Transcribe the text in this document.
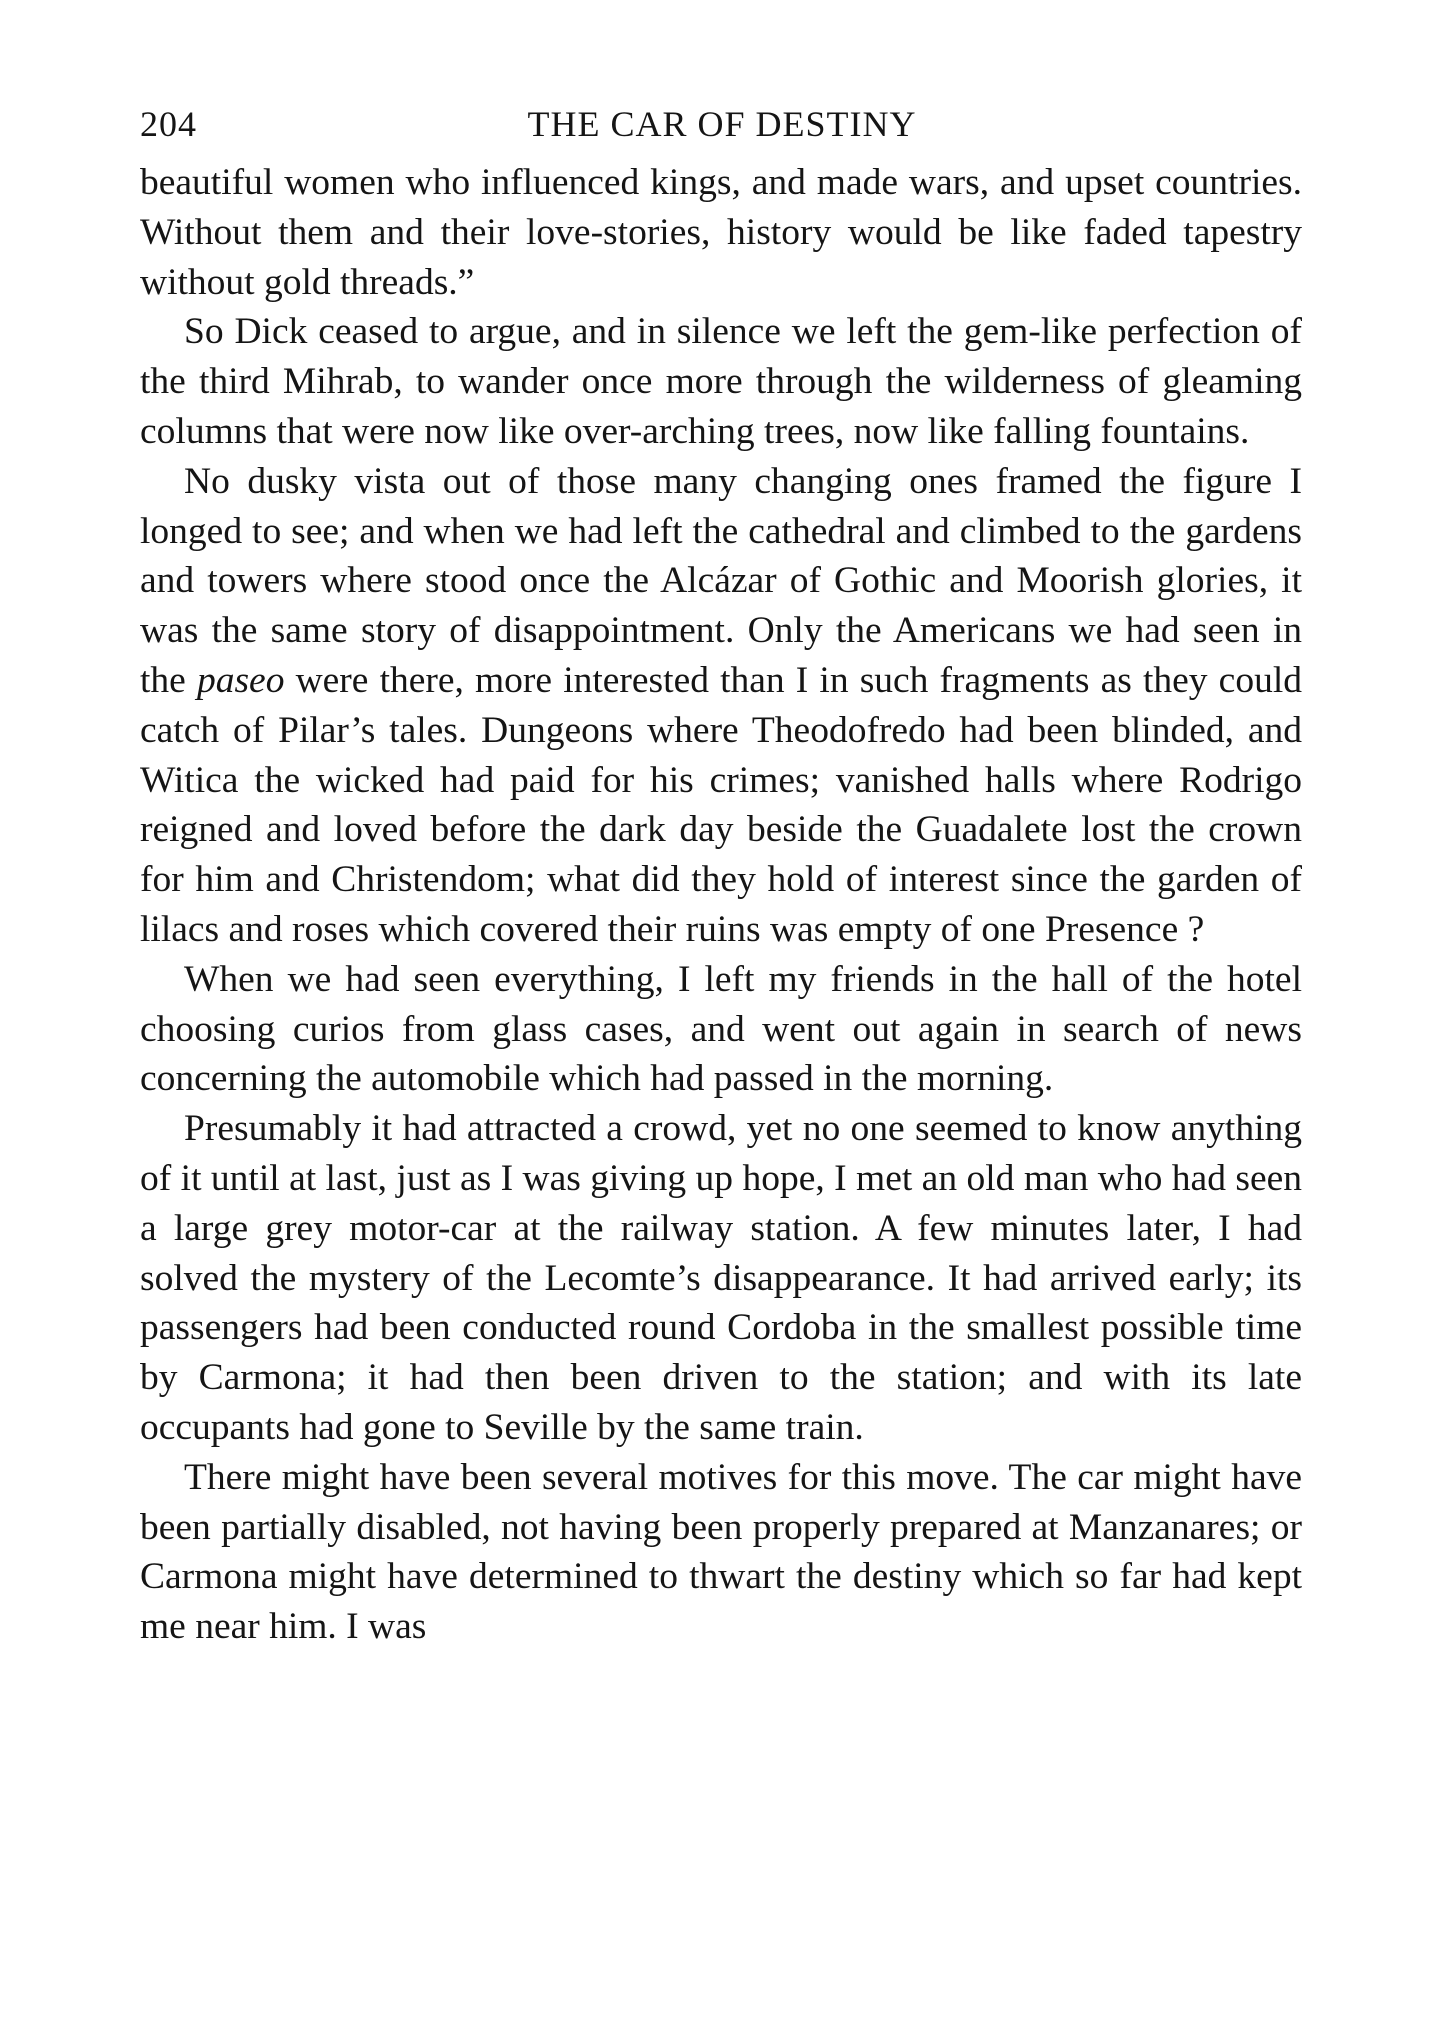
204	THE CAR OF DESTINY

beautiful women who influenced kings, and made wars, and upset countries. Without them and their love-stories, history would be like faded tapestry without gold threads.”

So Dick ceased to argue, and in silence we left the gem-like perfection of the third Mihrab, to wander once more through the wilderness of gleaming columns that were now like over-arching trees, now like falling fountains.

No dusky vista out of those many changing ones framed the figure I longed to see; and when we had left the cathedral and climbed to the gardens and towers where stood once the Alcázar of Gothic and Moorish glories, it was the same story of disappointment. Only the Americans we had seen in the paseo were there, more interested than I in such fragments as they could catch of Pilar’s tales. Dungeons where Theodofredo had been blinded, and Witica the wicked had paid for his crimes; vanished halls where Rodrigo reigned and loved before the dark day beside the Guadalete lost the crown for him and Christendom; what did they hold of interest since the garden of lilacs and roses which covered their ruins was empty of one Presence ?

When we had seen everything, I left my friends in the hall of the hotel choosing curios from glass cases, and went out again in search of news concerning the automobile which had passed in the morning.

Presumably it had attracted a crowd, yet no one seemed to know anything of it until at last, just as I was giving up hope, I met an old man who had seen a large grey motor-car at the railway station. A few minutes later, I had solved the mystery of the Lecomte’s disappearance. It had arrived early; its passengers had been conducted round Cordoba in the smallest possible time by Carmona; it had then been driven to the station; and with its late occupants had gone to Seville by the same train.

There might have been several motives for this move. The car might have been partially disabled, not having been properly prepared at Manzanares; or Carmona might have determined to thwart the destiny which so far had kept me near him. I was
